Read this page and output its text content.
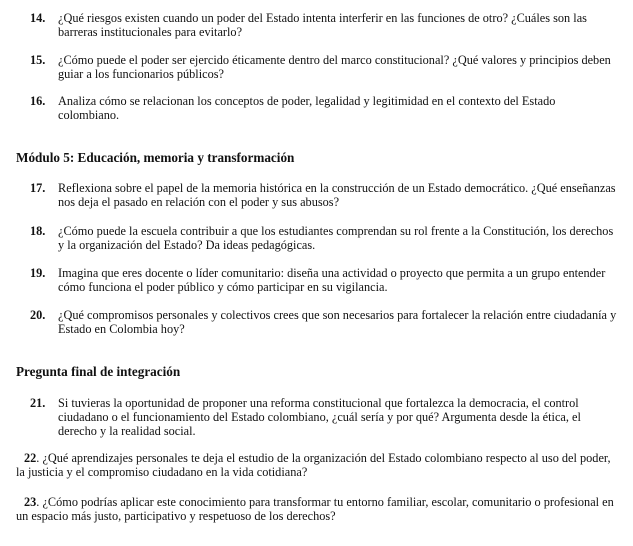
14.	¿Qué riesgos existen cuando un poder del Estado intenta interferir en las funciones de otro? ¿Cuáles son las barreras institucionales para evitarlo?
15.	¿Cómo puede el poder ser ejercido éticamente dentro del marco constitucional? ¿Qué valores y principios deben guiar a los funcionarios públicos?
16.	Analiza cómo se relacionan los conceptos de poder, legalidad y legitimidad en el contexto del Estado colombiano.
Módulo 5: Educación, memoria y transformación
17.	Reflexiona sobre el papel de la memoria histórica en la construcción de un Estado democrático. ¿Qué enseñanzas nos deja el pasado en relación con el poder y sus abusos?
18.	¿Cómo puede la escuela contribuir a que los estudiantes comprendan su rol frente a la Constitución, los derechos y la organización del Estado? Da ideas pedagógicas.
19.	Imagina que eres docente o líder comunitario: diseña una actividad o proyecto que permita a un grupo entender cómo funciona el poder público y cómo participar en su vigilancia.
20.	¿Qué compromisos personales y colectivos crees que son necesarios para fortalecer la relación entre ciudadanía y Estado en Colombia hoy?
Pregunta final de integración
21.	Si tuvieras la oportunidad de proponer una reforma constitucional que fortalezca la democracia, el control ciudadano o el funcionamiento del Estado colombiano, ¿cuál sería y por qué? Argumenta desde la ética, el derecho y la realidad social.
22. ¿Qué aprendizajes personales te deja el estudio de la organización del Estado colombiano respecto al uso del poder, la justicia y el compromiso ciudadano en la vida cotidiana?
23. ¿Cómo podrías aplicar este conocimiento para transformar tu entorno familiar, escolar, comunitario o profesional en un espacio más justo, participativo y respetuoso de los derechos?
